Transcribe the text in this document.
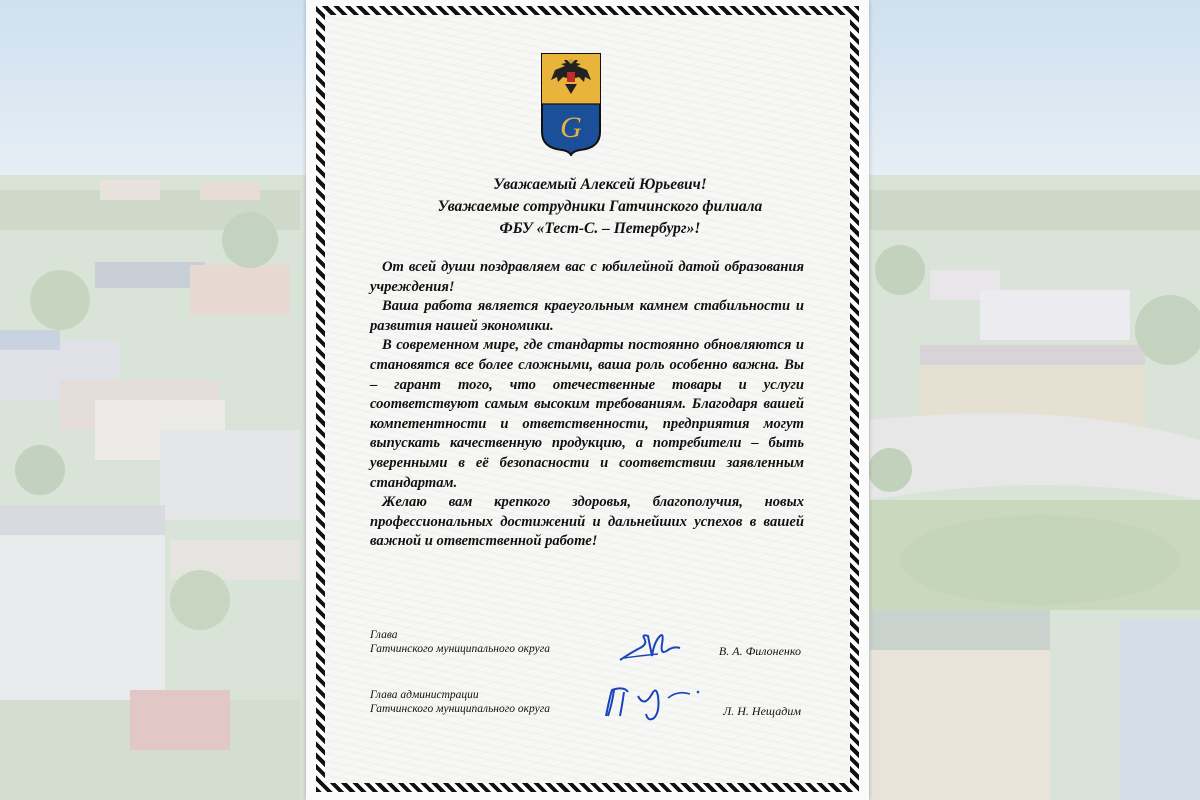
G
Уважаемый Алексей Юрьевич!
Уважаемые сотрудники Гатчинского филиала
ФБУ «Тест-С. – Петербург»!

От всей души поздравляем вас с юбилейной датой образования учреждения!

Ваша работа является краеугольным камнем стабильности и развития нашей экономики.

В современном мире, где стандарты постоянно обновляются и становятся все более сложными, ваша роль особенно важна. Вы – гарант того, что отечественные товары и услуги соответствуют самым высоким требованиям. Благодаря вашей компетентности и ответственности, предприятия могут выпускать качественную продукцию, а потребители – быть уверенными в её безопасности и соответствии заявленным стандартам.

Желаю вам крепкого здоровья, благополучия, новых профессиональных достижений и дальнейших успехов в вашей важной и ответственной работе!

Глава
Гатчинского муниципального округа	В. А. Филоненко
Глава администрации
Гатчинского муниципального округа	Л. Н. Нещадим
